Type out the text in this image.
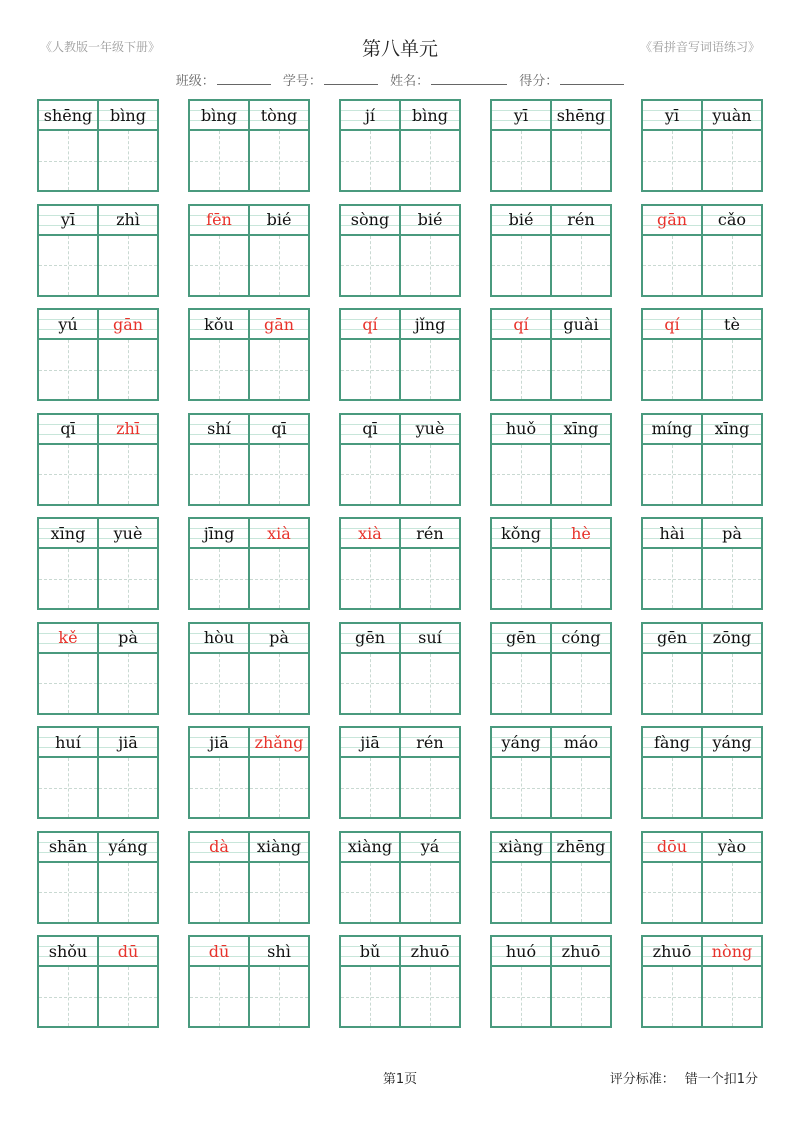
《人教版一年级下册》	第八单元	《看拼音写词语练习》
班级：	学号：	姓名：	得分：
shēng	bìng	bìng	tòng	jí	bìng	yī	shēng	yī	yuàn
yī	zhì	fēn	bié	sòng	bié	bié	rén	gān	cǎo
yú	gān	kǒu	gān	qí	jǐng	qí	guài	qí	tè
qī	zhī	shí	qī	qī	yuè	huǒ	xīng	míng	xīng
xīng	yuè	jīng	xià	xià	rén	kǒng	hè	hài	pà
kě	pà	hòu	pà	gēn	suí	gēn	cóng	gēn	zōng
huí	jiā	jiā	zhǎng	jiā	rén	yáng	máo	fàng	yáng
shān	yáng	dà	xiàng	xiàng	yá	xiàng zhēng	dōu	yào
shǒu	dū	dū	shì	bǔ	zhuō	huó	zhuō	zhuō	nòng
第1页	评分标准： 错一个扣1分
